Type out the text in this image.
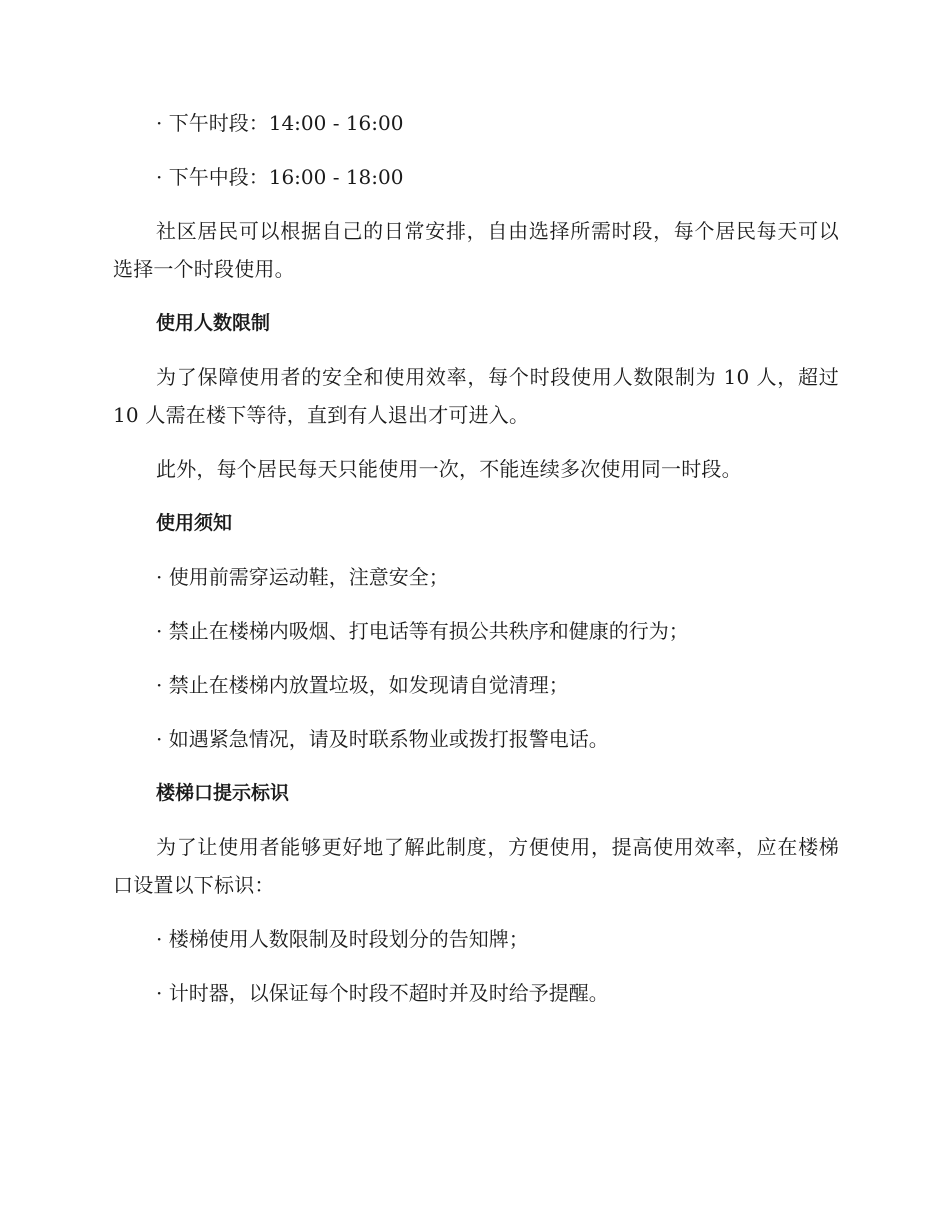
· 下午时段：14:00 - 16:00

· 下午中段：16:00 - 18:00

社区居民可以根据自己的日常安排，自由选择所需时段，每个居民每天可以选择一个时段使用。

使用人数限制

为了保障使用者的安全和使用效率，每个时段使用人数限制为 10 人，超过 10 人需在楼下等待，直到有人退出才可进入。

此外，每个居民每天只能使用一次，不能连续多次使用同一时段。

使用须知

· 使用前需穿运动鞋，注意安全；

· 禁止在楼梯内吸烟、打电话等有损公共秩序和健康的行为；

· 禁止在楼梯内放置垃圾，如发现请自觉清理；

· 如遇紧急情况，请及时联系物业或拨打报警电话。

楼梯口提示标识

为了让使用者能够更好地了解此制度，方便使用，提高使用效率，应在楼梯口设置以下标识：

· 楼梯使用人数限制及时段划分的告知牌；

· 计时器，以保证每个时段不超时并及时给予提醒。
